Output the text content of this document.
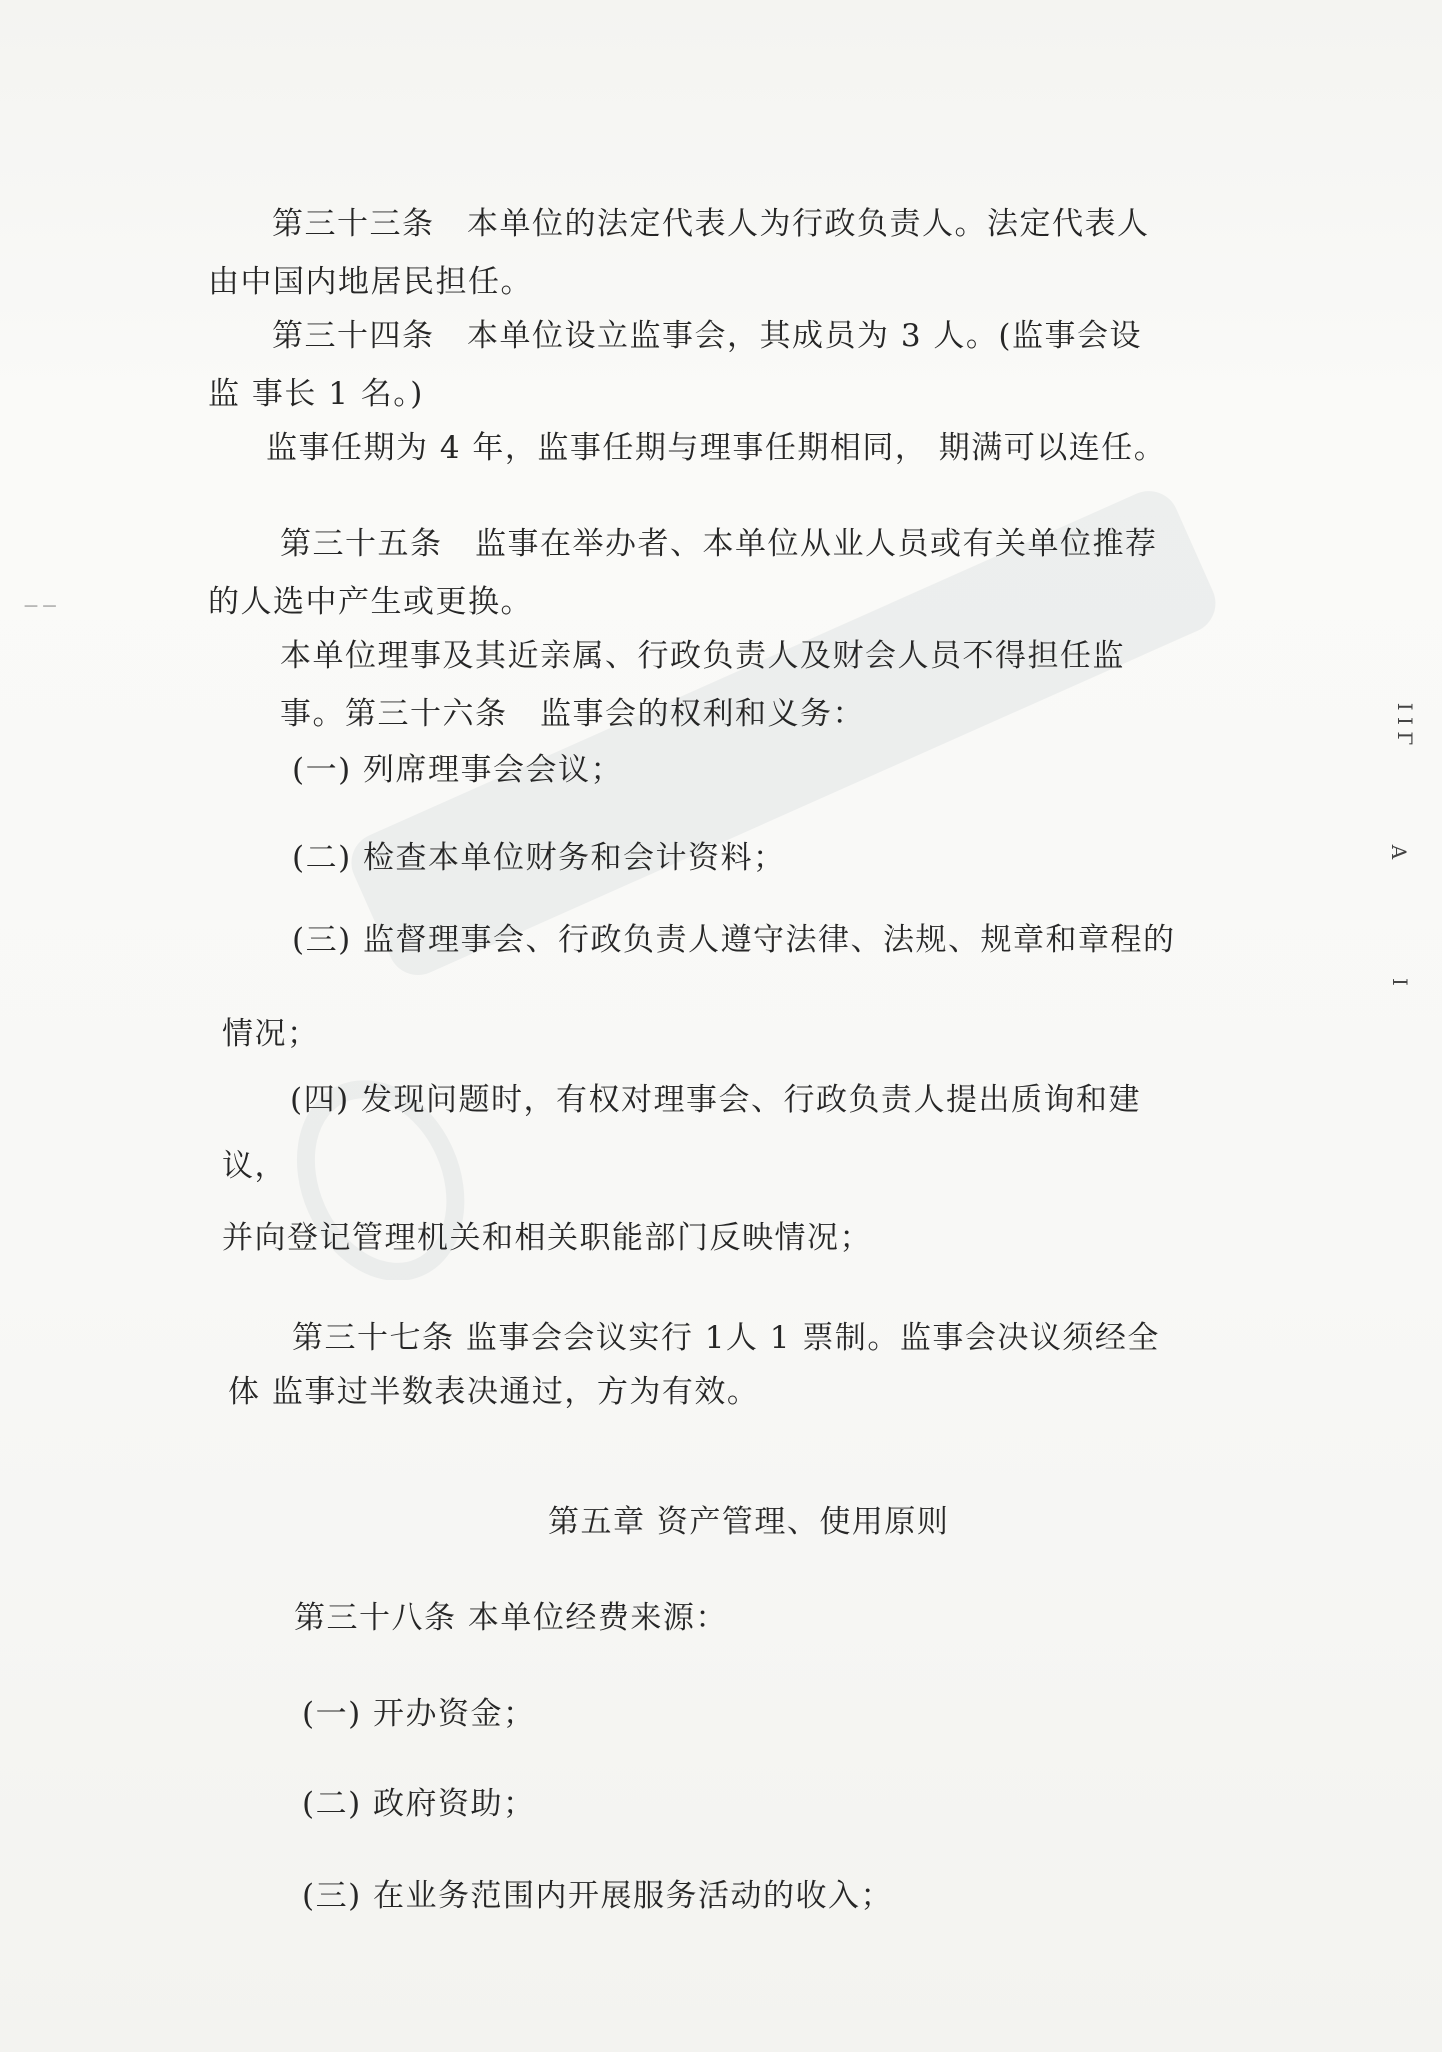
— —
I I Γ
A
I
第三十三条　本单位的法定代表人为行政负责人。法定代表人
由中国内地居民担任。
第三十四条　本单位设立监事会，其成员为 3 人。(监事会设
监 事长 1 名。)
监事任期为 4 年，监事任期与理事任期相同， 期满可以连任。
第三十五条　监事在举办者、本单位从业人员或有关单位推荐
的人选中产生或更换。
本单位理事及其近亲属、行政负责人及财会人员不得担任监
事。第三十六条　监事会的权利和义务：
(一) 列席理事会会议；
(二) 检查本单位财务和会计资料；
(三) 监督理事会、行政负责人遵守法律、法规、规章和章程的
情况；
(四) 发现问题时，有权对理事会、行政负责人提出质询和建
议，
并向登记管理机关和相关职能部门反映情况；
第三十七条 监事会会议实行 1人 1 票制。监事会决议须经全
体 监事过半数表决通过，方为有效。
第五章 资产管理、使用原则
第三十八条 本单位经费来源：
(一) 开办资金；
(二) 政府资助；
(三) 在业务范围内开展服务活动的收入；
